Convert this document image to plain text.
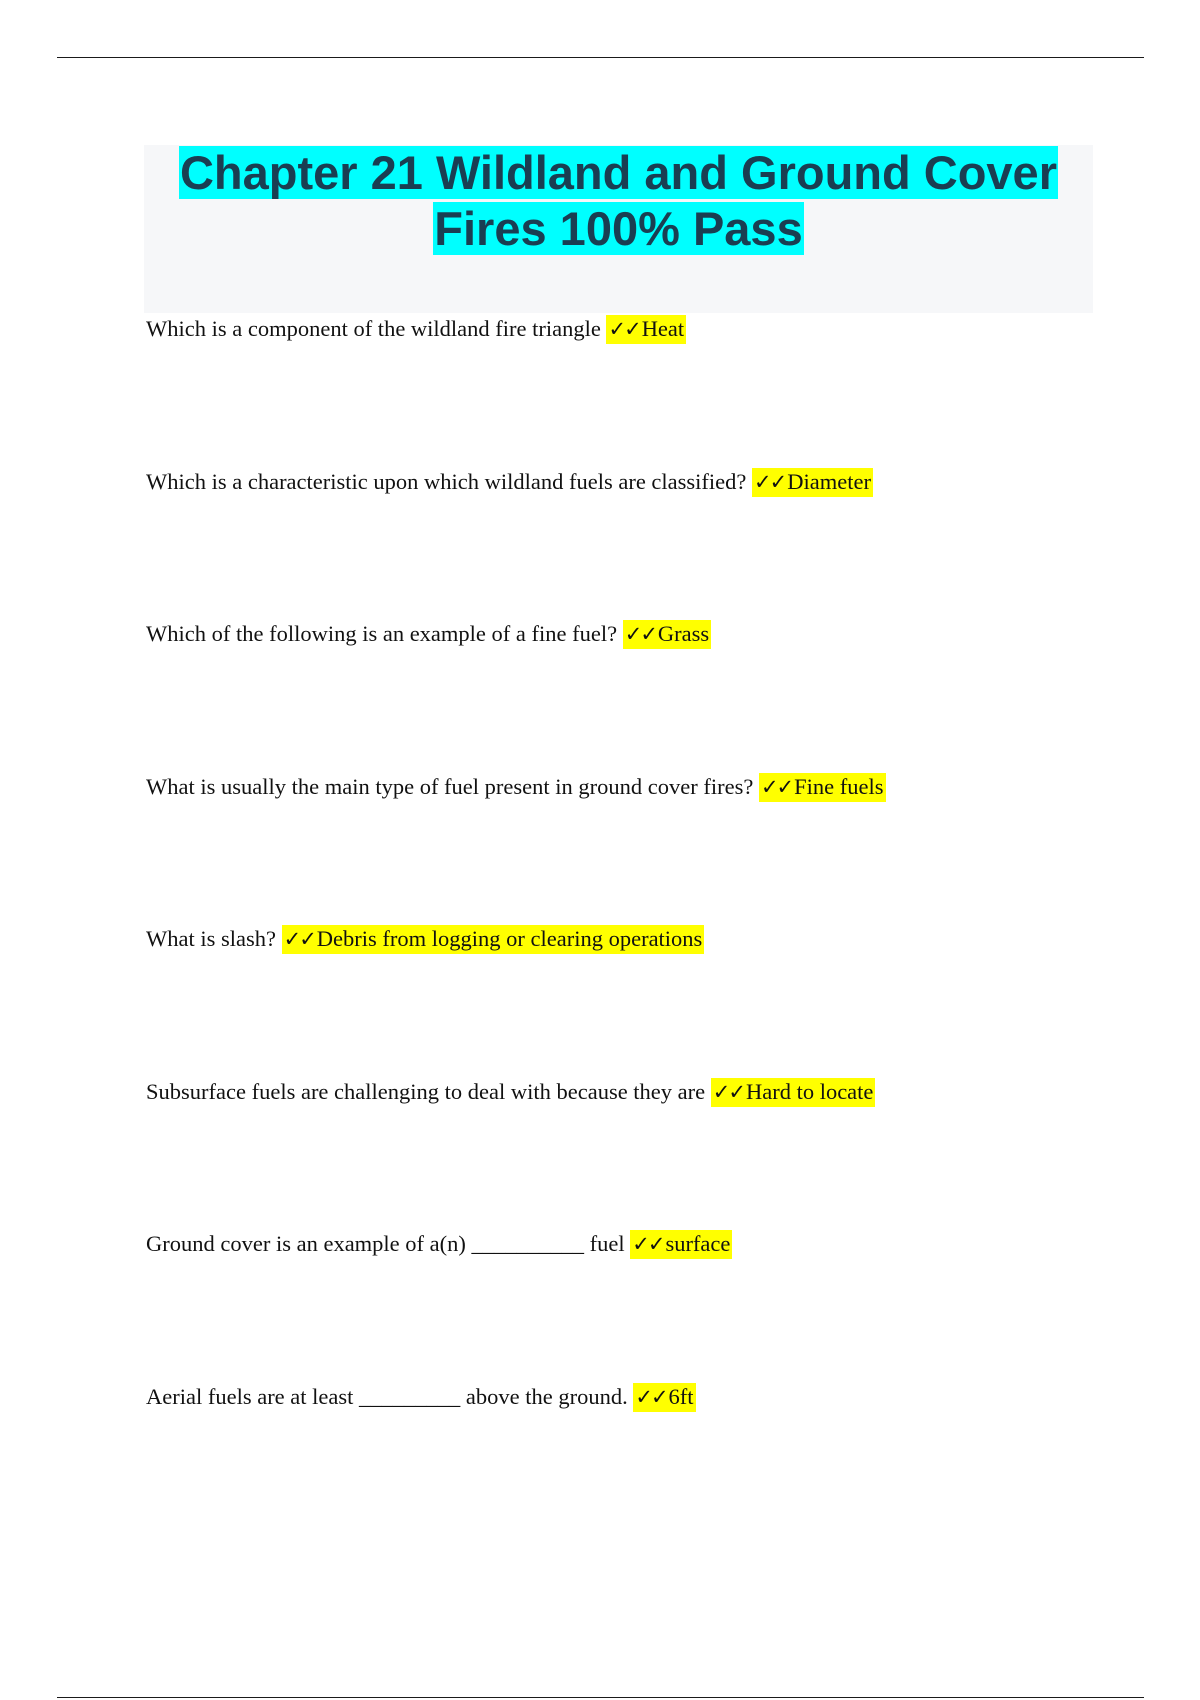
Chapter 21 Wildland and Ground Cover
Fires 100% Pass

Which is a component of the wildland fire triangle ✓✓Heat

Which is a characteristic upon which wildland fuels are classified? ✓✓Diameter

Which of the following is an example of a fine fuel? ✓✓Grass

What is usually the main type of fuel present in ground cover fires? ✓✓Fine fuels

What is slash? ✓✓Debris from logging or clearing operations

Subsurface fuels are challenging to deal with because they are ✓✓Hard to locate

Ground cover is an example of a(n) __________ fuel ✓✓surface

Aerial fuels are at least _________ above the ground. ✓✓6ft
